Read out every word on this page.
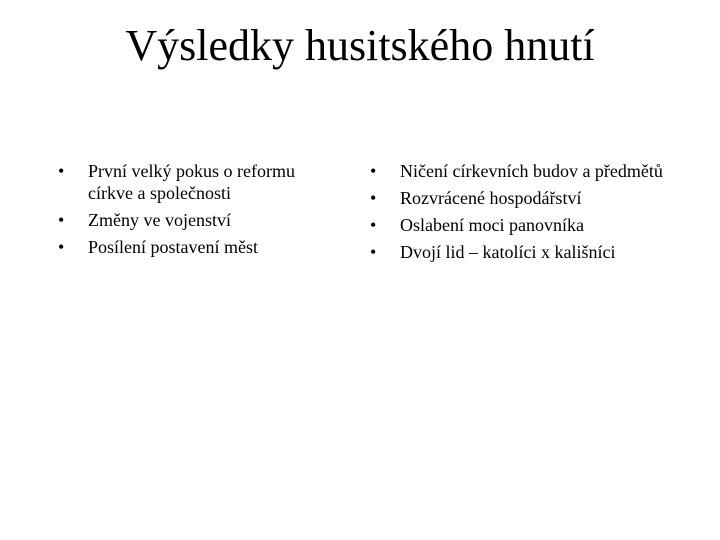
Výsledky husitského hnutí
•	První velký pokus o reformu církve a společnosti
•	Změny ve vojenství
•	Posílení postavení měst
•	Ničení církevních budov a předmětů
•	Rozvrácené hospodářství
•	Oslabení moci panovníka
•	Dvojí lid – katolíci x kališníci
